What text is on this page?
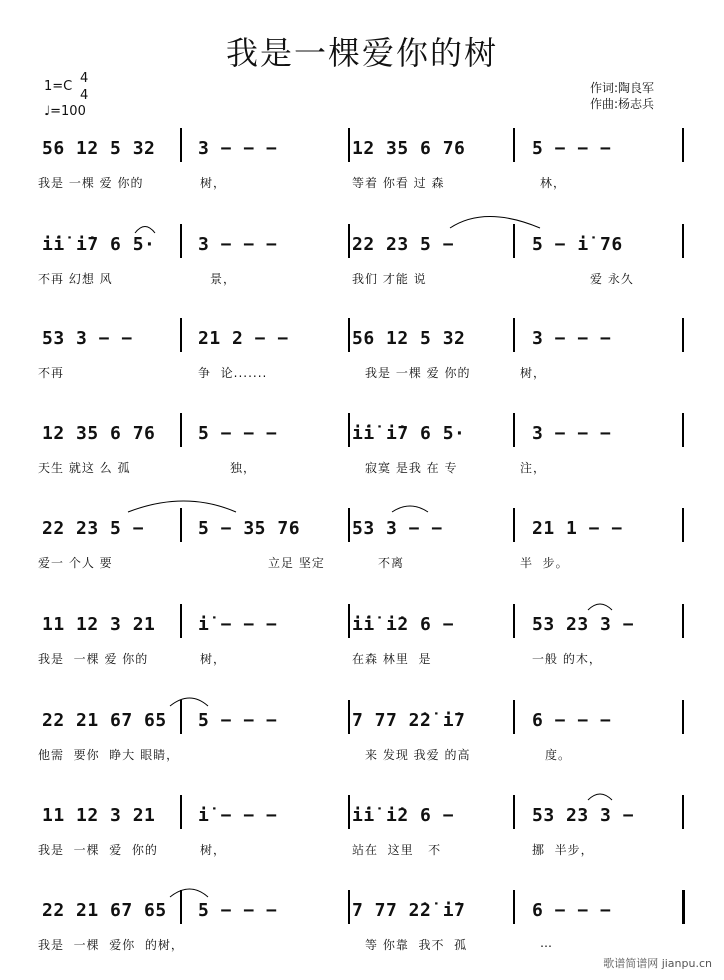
我是一棵爱你的树
1=C
4
4
♩=100
作词:陶良军
作曲:杨志兵
56 12 5 32 3 − − −	12 35 6 76	5 − − −
我是 一棵 爱 你的	树，	等着 你看 过 森	林，
i̇i̇ i̇7 6 5· 3 − − −	22 23 5 −	5 − i̇ 76
不再 幻想 风	景，	我们 才能 说	爱 永久
53 3 − −	21 2 − −	56 12 5 32	3 − − −
不再	争  论.......	我是 一棵 爱 你的	树，
12 35 6 76 5 − − −	i̇i̇ i̇7 6 5·	3 − − −
天生 就这 么 孤	独，	寂寞 是我 在 专	注，
22 23 5 −	5 − 35 76	53 3 − −	21 1 − −
爱一 个人 要	立足 坚定	不离	半  步。
11 12 3 21 i̇ − − −	i̇i̇ i̇2 6 −	53 23 3 −
我是  一棵 爱 你的	树，	在森 林里  是	一般 的木，
22 21 67 65 5 − − −	7 77 2̇2̇ i̇7	6 − − −
他需  要你  睁大 眼睛，	来 发现 我爱 的高	度。
11 12 3 21 i̇ − − −	i̇i̇ i̇2 6 −	53 23 3 −
我是  一棵  爱  你的	树，	站在  这里   不	挪  半步，
22 21 67 65 5 − − −	7 77 2̇2̇ i̇7	6 − − −
我是  一棵  爱你  的树，	等 你靠  我不  孤	…
歌谱简谱网 jianpu.cn
